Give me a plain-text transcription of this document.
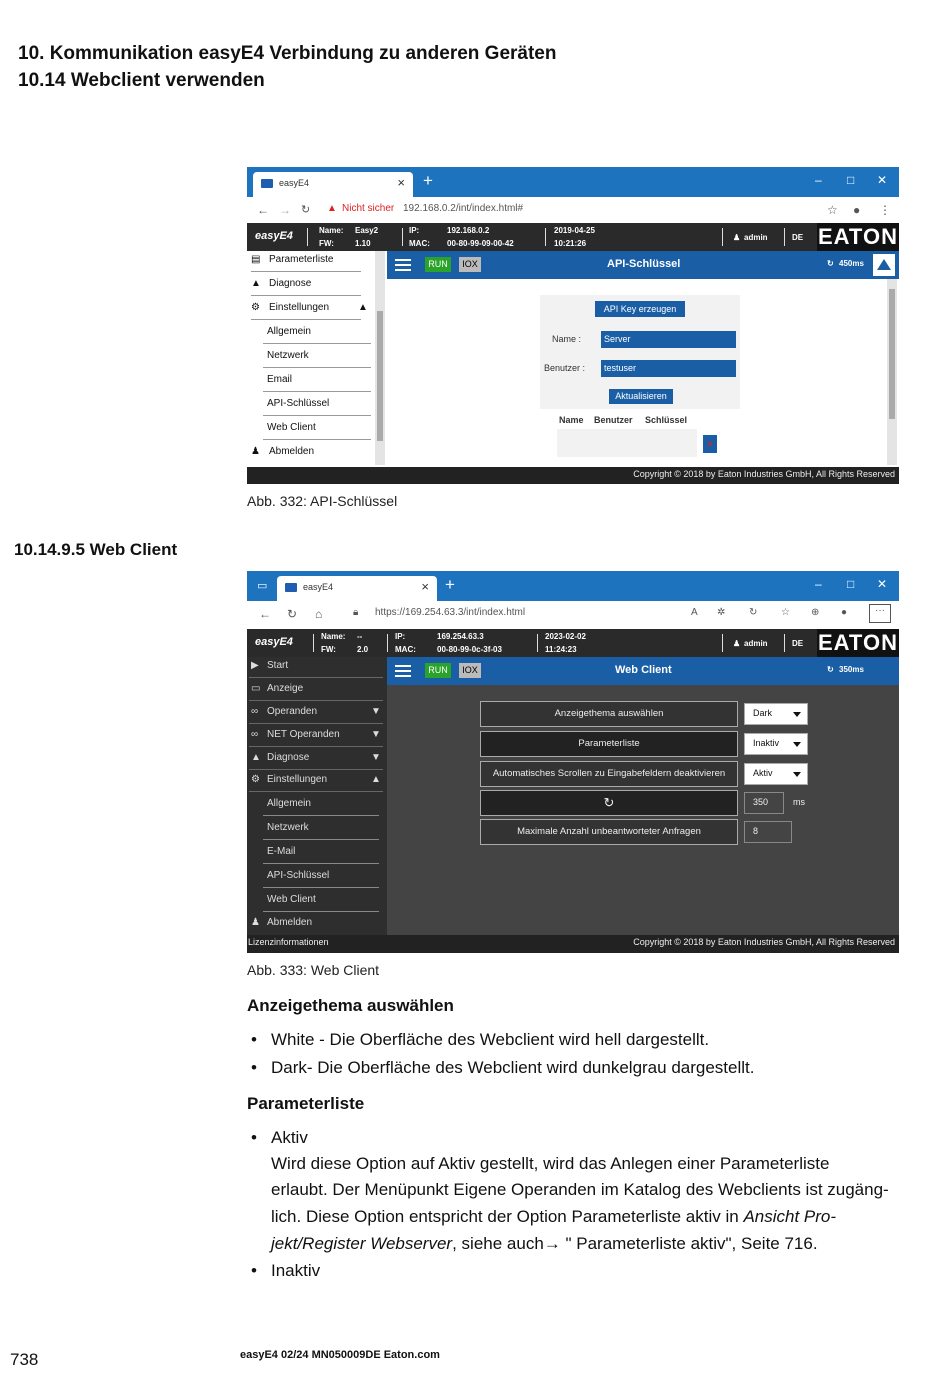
10. Kommunikation easyE4 Verbindung zu anderen Geräten
10.14 Webclient verwenden
easyE4	× +	– □ ✕
← → ↻ ▲ Nicht sicher 192.168.0.2/int/index.html#	☆ ● ⋮
easyE4	Name: Easy2
FW:	1.10
IP:	192.168.0.2
MAC: 00-80-99-09-00-42
2019-04-25
10:21:26
♟ admin	DE EATON
▤ Parameterliste
▲ Diagnose
⚙ Einstellungen	▲
Allgemein
Netzwerk
Email
API-Schlüssel
Web Client
♟ Abmelden
RUN	IOX	API-Schlüssel	↻ 450ms
API Key erzeugen
Name :	Server
Benutzer :	testuser
Aktualisieren
Name Benutzer Schlüssel
✕
Copyright © 2018 by Eaton Industries GmbH, All Rights Reserved
Abb. 332: API-Schlüssel
10.14.9.5 Web Client
▭	easyE4	× +	– □ ✕
← ↻ ⌂	🔒︎ https://169.254.63.3/int/index.html	A ✲ ↻ ☆ ⊕ ●	···
easyE4	Name: --
FW:	2.0
IP:	169.254.63.3
MAC:	00-80-99-0c-3f-03
2023-02-02
11:24:23
♟ admin	DE EATON
▶ Start
▭ Anzeige
∞ Operanden	▼
∞ NET Operanden	▼
▲ Diagnose	▼
⚙ Einstellungen	▲
Allgemein
Netzwerk
E-Mail
API-Schlüssel
Web Client
♟ Abmelden
RUN	IOX	Web Client	↻ 350ms
Anzeigethema auswählen	Dark
Parameterliste	Inaktiv
Automatisches Scrollen zu Eingabefeldern deaktivieren	Aktiv
↻	350	ms
Maximale Anzahl unbeantworteter Anfragen	8
Lizenzinformationen	Copyright © 2018 by Eaton Industries GmbH, All Rights Reserved
Abb. 333: Web Client
Anzeigethema auswählen
• White - Die Oberfläche des Webclient wird hell dargestellt.
• Dark- Die Oberfläche des Webclient wird dunkelgrau dargestellt.
Parameterliste
• Aktiv
Wird diese Option auf Aktiv gestellt, wird das Anlegen einer Parameterliste
erlaubt. Der Menüpunkt Eigene Operanden im Katalog des Webclients ist zugäng-
lich. Diese Option entspricht der Option Parameterliste aktiv in Ansicht Pro-
jekt/Register Webserver, siehe auch→ " Parameterliste aktiv", Seite 716.
• Inaktiv
738	easyE4 02/24 MN050009DE Eaton.com
